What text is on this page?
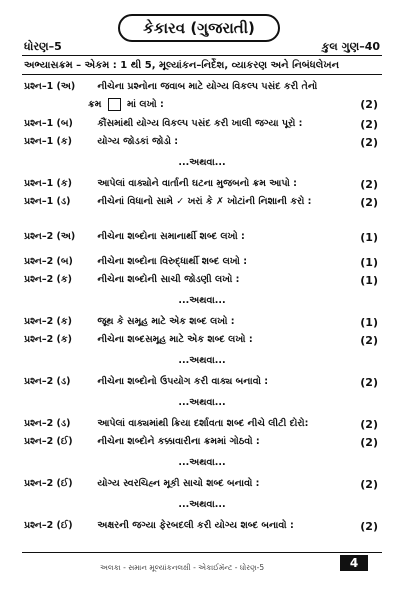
કેકારવ (ગુજરાતી)
ધોરણ–5	કુલ ગુણ–40
અભ્યાસક્રમ – એકમ : 1 થી 5, મૂલ્યાંકન–નિર્દેશ, વ્યાકરણ અને નિબંધલેખન
પ્રશ્ન–1 (અ) નીચેના પ્રશ્નોના જવાબ માટે યોગ્ય વિકલ્પ પસંદ કરી તેનો
ક્રમ	માં લખો :	(2)
પ્રશ્ન–1 (બ)	કૌંસમાંથી યોગ્ય વિકલ્પ પસંદ કરી ખાલી જગ્યા પૂરો :	(2)
પ્રશ્ન–1 (ક)	યોગ્ય જોડકાં જોડો :	(2)
...અથવા...
પ્રશ્ન–1 (ક)	આપેલાં વાક્યોને વાર્તાની ઘટના મુજબનો ક્રમ આપો :	(2)
પ્રશ્ન–1 (ડ)	નીચેનાં વિધાનો સામે ✓ ખરાં કે ✗ ખોટાંની નિશાની કરો :	(2)
પ્રશ્ન–2 (અ) નીચેના શબ્દોના સમાનાર્થી શબ્દ લખો :	(1)
પ્રશ્ન–2 (બ)	નીચેના શબ્દોના વિરુદ્ધાર્થી શબ્દ લખો :	(1)
પ્રશ્ન–2 (ક)	નીચેના શબ્દોની સાચી જોડણી લખો :	(1)
...અથવા...
પ્રશ્ન–2 (ક)	જૂથ કે સમૂહ માટે એક શબ્દ લખો :	(1)
પ્રશ્ન–2 (ક)	નીચેના શબ્દસમૂહ માટે એક શબ્દ લખો :	(2)
...અથવા...
પ્રશ્ન–2 (ડ)	નીચેના શબ્દોનો ઉપયોગ કરી વાક્ય બનાવો :	(2)
...અથવા...
પ્રશ્ન–2 (ડ)	આપેલાં વાક્યમાંથી ક્રિયા દર્શાવતા શબ્દ નીચે લીટી દોરો:	(2)
પ્રશ્ન–2 (ઈ)	નીચેના શબ્દોને કક્કાવારીના ક્રમમાં ગોઠવો :	(2)
...અથવા...
પ્રશ્ન–2 (ઈ)	યોગ્ય સ્વરચિહ્ન મૂકી સાચો શબ્દ બનાવો :	(2)
...અથવા...
પ્રશ્ન–2 (ઈ)	અક્ષરની જગ્યા ફેરબદલી કરી યોગ્ય શબ્દ બનાવો :	(2)
અલકા - સમાન મૂલ્યાંકનલક્ષી - એકાઈમૅન્ટ - ધોરણ-5	4
